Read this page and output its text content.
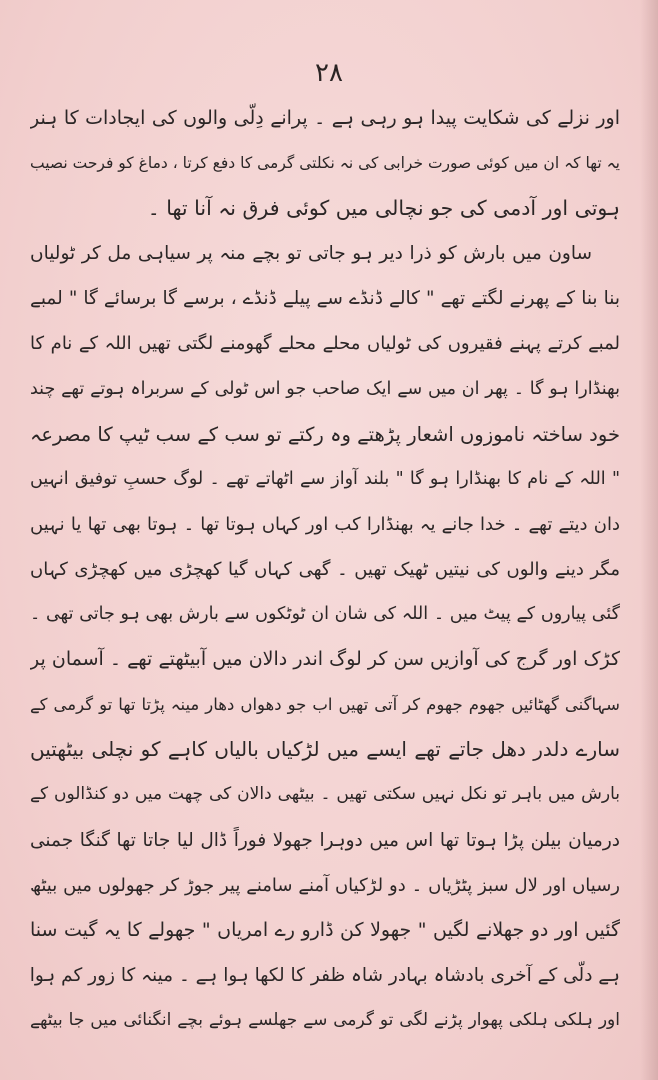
۲۸
اور نزلے کی شکایت پیدا ہو رہی ہے ۔ پرانے دِلّی والوں کی ایجادات کا ہنر
یہ تھا کہ ان میں کوئی صورت خرابی کی نہ نکلتی گرمی کا دفع کرتا ، دماغ کو فرحت نصیب
ہوتی اور آدمی کی جو نچالی میں کوئی فرق نہ آنا تھا ۔
ساون میں بارش کو ذرا دیر ہو جاتی تو بچے منہ پر سیاہی مل کر ٹولیاں
بنا بنا کے پھرنے لگتے تھے " کالے ڈنڈے سے پیلے ڈنڈے ، برسے گا برسائے گا " لمبے
لمبے کرتے پہنے فقیروں کی ٹولیاں محلے محلے گھومنے لگتی تھیں اللہ کے نام کا
بھنڈارا ہو گا ۔ پھر ان میں سے ایک صاحب جو اس ٹولی کے سربراہ ہوتے تھے چند
خود ساختہ ناموزوں اشعار پڑھتے وہ رکتے تو سب کے سب ٹیپ کا مصرعہ
" اللہ کے نام کا بھنڈارا ہو گا " بلند آواز سے اٹھاتے تھے ۔ لوگ حسبِ توفیق انہیں
دان دیتے تھے ۔ خدا جانے یہ بھنڈارا کب اور کہاں ہوتا تھا ۔ ہوتا بھی تھا یا نہیں
مگر دینے والوں کی نیتیں ٹھیک تھیں ۔ گھی کہاں گیا کھچڑی میں کھچڑی کہاں
گئی پیاروں کے پیٹ میں ۔ اللہ کی شان ان ٹوٹکوں سے بارش بھی ہو جاتی تھی ۔
کڑک اور گرج کی آوازیں سن کر لوگ اندر دالان میں آبیٹھتے تھے ۔ آسمان پر
سہاگنی گھٹائیں جھوم جھوم کر آتی تھیں اب جو دھواں دھار مینہ پڑتا تھا تو گرمی کے
سارے دلدر دھل جاتے تھے ایسے میں لڑکیاں بالیاں کاہے کو نچلی بیٹھتیں
بارش میں باہر تو نکل نہیں سکتی تھیں ۔ بیٹھی دالان کی چھت میں دو کنڈالوں کے
درمیان بیلن پڑا ہوتا تھا اس میں دوہرا جھولا فوراً ڈال لیا جاتا تھا گنگا جمنی
رسیاں اور لال سبز پٹڑیاں ۔ دو لڑکیاں آمنے سامنے پیر جوڑ کر جھولوں میں بیٹھ
گئیں اور دو جھلانے لگیں " جھولا کن ڈارو رے امریاں " جھولے کا یہ گیت سنا
ہے دلّی کے آخری بادشاہ بہادر شاہ ظفر کا لکھا ہوا ہے ۔ مینہ کا زور کم ہوا
اور ہلکی ہلکی پھوار پڑنے لگی تو گرمی سے جھلسے ہوئے بچے انگنائی میں جا بیٹھے
